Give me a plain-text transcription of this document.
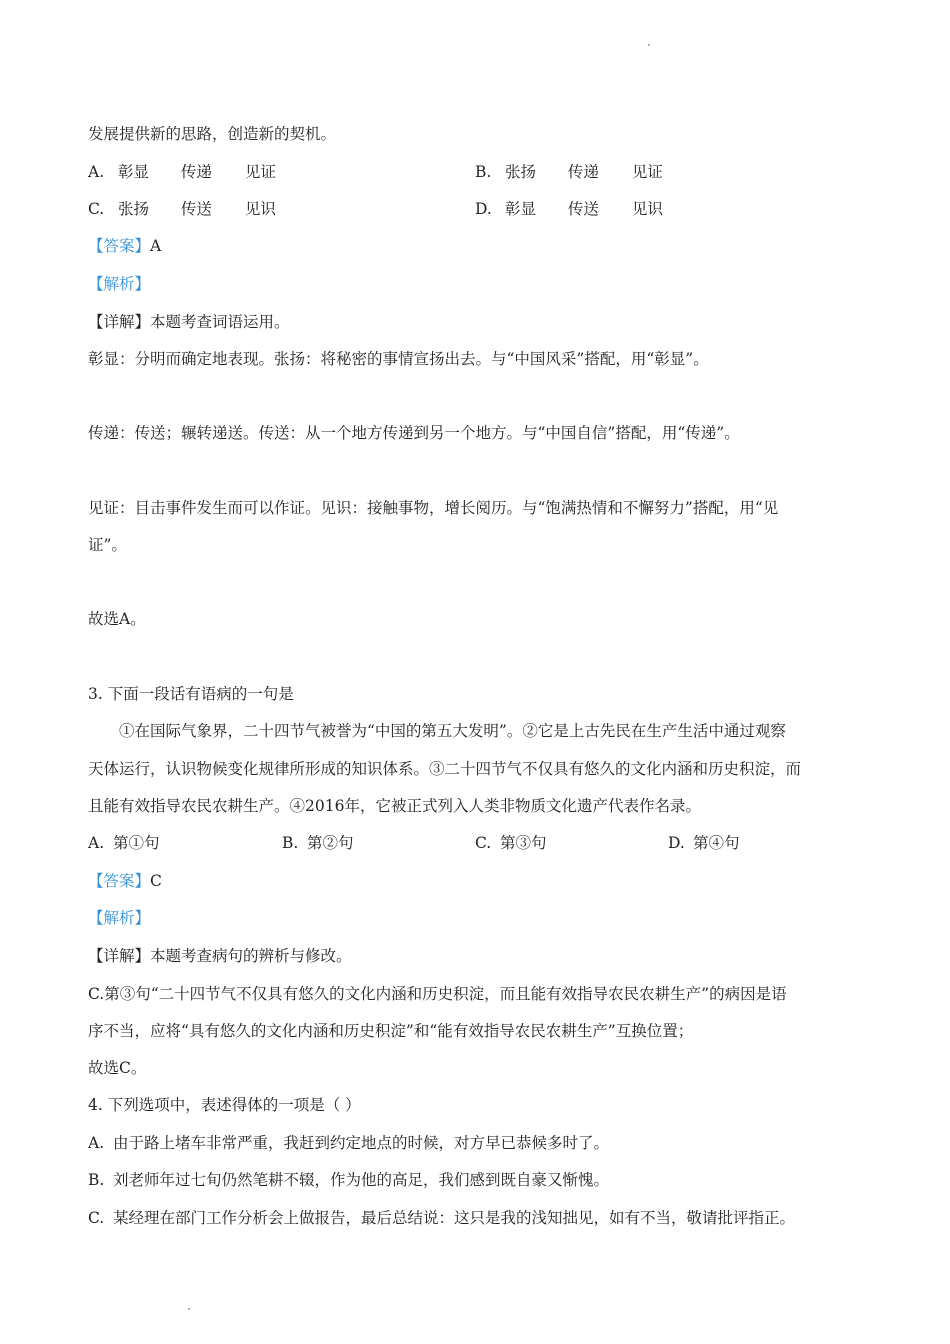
发展提供新的思路，创造新的契机。
A. 彰显 传递 见证	B. 张扬 传递 见证
C. 张扬 传送 见识	D. 彰显 传送 见识
【答案】A
【解析】
【详解】本题考查词语运用。
彰显：分明而确定地表现。张扬：将秘密的事情宣扬出去。与“中国风采”搭配，用“彰显”。
传递：传送；辗转递送。传送：从一个地方传递到另一个地方。与“中国自信”搭配，用“传递”。
见证：目击事件发生而可以作证。见识：接触事物，增长阅历。与“饱满热情和不懈努力”搭配，用“见
证”。
故选A。
3. 下面一段话有语病的一句是
①在国际气象界，二十四节气被誉为“中国的第五大发明”。②它是上古先民在生产生活中通过观察
天体运行，认识物候变化规律所形成的知识体系。③二十四节气不仅具有悠久的文化内涵和历史积淀，而
且能有效指导农民农耕生产。④2016年，它被正式列入人类非物质文化遗产代表作名录。
A. 第①句	B. 第②句	C. 第③句	D. 第④句
【答案】C
【解析】
【详解】本题考查病句的辨析与修改。
C.第③句“二十四节气不仅具有悠久的文化内涵和历史积淀，而且能有效指导农民农耕生产”的病因是语
序不当，应将“具有悠久的文化内涵和历史积淀”和“能有效指导农民农耕生产”互换位置；
故选C。
4. 下列选项中，表述得体的一项是（ ）
A. 由于路上堵车非常严重，我赶到约定地点的时候，对方早已恭候多时了。
B. 刘老师年过七旬仍然笔耕不辍，作为他的高足，我们感到既自豪又惭愧。
C. 某经理在部门工作分析会上做报告，最后总结说：这只是我的浅知拙见，如有不当，敬请批评指正。
